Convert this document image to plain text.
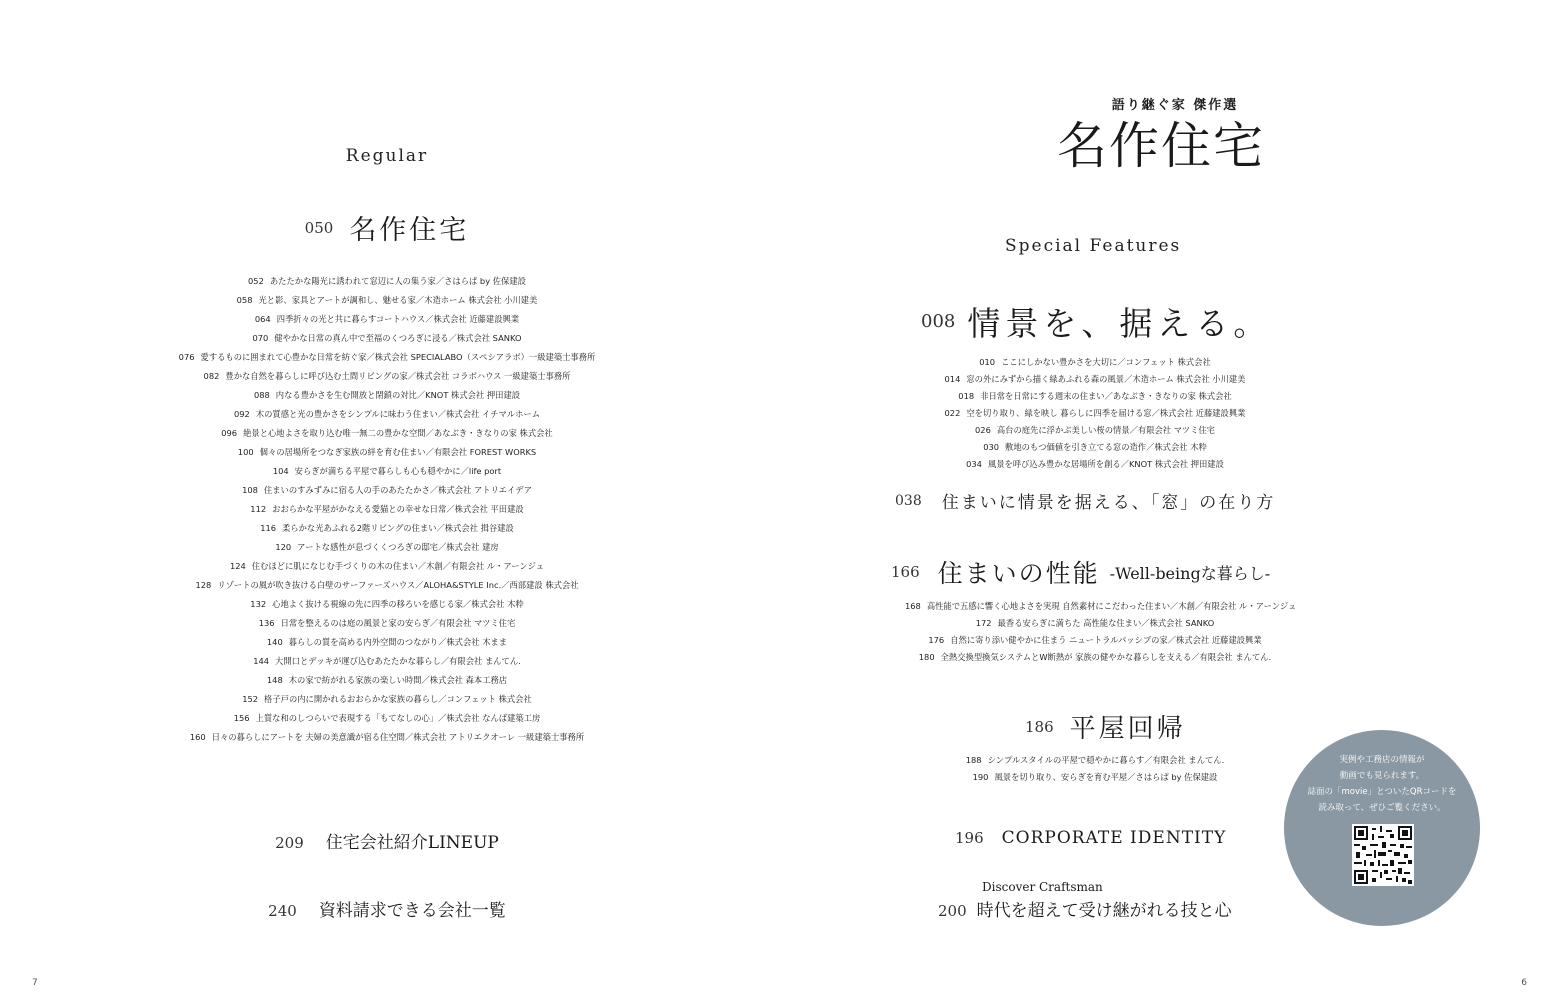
Regular
050 名作住宅
052 あたたかな陽光に誘われて窓辺に人の集う家／さはらぱ by 佐保建設
058 光と影、家具とアートが調和し、魅せる家／木造ホーム 株式会社 小川建美
064 四季折々の光と共に暮らすコートハウス／株式会社 近藤建設興業
070 健やかな日常の真ん中で至福のくつろぎに浸る／株式会社 SANKO
076 愛するものに囲まれて心豊かな日常を紡ぐ家／株式会社 SPECIALABO（スペシアラボ）一級建築士事務所
082 豊かな自然を暮らしに呼び込む土間リビングの家／株式会社 コラボハウス 一級建築士事務所
088 内なる豊かさを生む開放と閉鎖の対比／KNOT 株式会社 押田建設
092 木の質感と光の豊かさをシンプルに味わう住まい／株式会社 イチマルホーム
096 絶景と心地よさを取り込む唯一無二の豊かな空間／あなぶき・きなりの家 株式会社
100 個々の居場所をつなぎ家族の絆を育む住まい／有限会社 FOREST WORKS
104 安らぎが満ちる平屋で暮らしも心も穏やかに／life port
108 住まいのすみずみに宿る人の手のあたたかさ／株式会社 アトリエイデア
112 おおらかな平屋がかなえる愛猫との幸せな日常／株式会社 平田建設
116 柔らかな光あふれる2階リビングの住まい／株式会社 揖谷建設
120 アートな感性が息づくくつろぎの邸宅／株式会社 建房
124 住むほどに肌になじむ手づくりの木の住まい／木創／有限会社 ル・アーンジュ
128 リゾートの風が吹き抜ける白壁のサーファーズハウス／ALOHA&STYLE Inc.／西部建設 株式会社
132 心地よく抜ける視線の先に四季の移ろいを感じる家／株式会社 木粋
136 日常を整えるのは庭の風景と家の安らぎ／有限会社 マツミ住宅
140 暮らしの質を高める内外空間のつながり／株式会社 木まま
144 大開口とデッキが運び込むあたたかな暮らし／有限会社 まんてん.
148 木の家で紡がれる家族の楽しい時間／株式会社 森本工務店
152 格子戸の内に開かれるおおらかな家族の暮らし／コンフェット 株式会社
156 上質な和のしつらいで表現する「もてなしの心」／株式会社 なんば建築工房
160 日々の暮らしにアートを 夫婦の美意識が宿る住空間／株式会社 アトリエクオーレ 一級建築士事務所
209 住宅会社紹介LINEUP
240 資料請求できる会社一覧
7
語り継ぐ家 傑作選
名作住宅
Special Features
008 情景を、据える。
010 ここにしかない豊かさを大切に／コンフェット 株式会社
014 窓の外にみずから描く緑あふれる森の風景／木造ホーム 株式会社 小川建美
018 非日常を日常にする週末の住まい／あなぶき・きなりの家 株式会社
022 空を切り取り、緑を映し 暮らしに四季を届ける窓／株式会社 近藤建設興業
026 高台の庭先に浮かぶ美しい桜の情景／有限会社 マツミ住宅
030 敷地のもつ価値を引き立てる窓の造作／株式会社 木粋
034 風景を呼び込み豊かな居場所を創る／KNOT 株式会社 押田建設
038 住まいに情景を据える、「窓」の在り方
166 住まいの性能 -Well-beingな暮らし-
168 高性能で五感に響く心地よさを実現 自然素材にこだわった住まい／木創／有限会社 ル・アーンジュ
172 最香る安らぎに満ちた 高性能な住まい／株式会社 SANKO
176 自然に寄り添い健やかに住まう ニュートラルパッシブの家／株式会社 近藤建設興業
180 全熱交換型換気システムとW断熱が 家族の健やかな暮らしを支える／有限会社 まんてん.
186 平屋回帰
188 シンプルスタイルの平屋で穏やかに暮らす／有限会社 まんてん.
190 風景を切り取り、安らぎを育む平屋／さはらぱ by 佐保建設
196 CORPORATE IDENTITY
Discover Craftsman
200 時代を超えて受け継がれる技と心
6
実例や工務店の情報が
動画でも見られます。
誌面の「movie」とついたQRコードを
読み取って、ぜひご覧ください。
